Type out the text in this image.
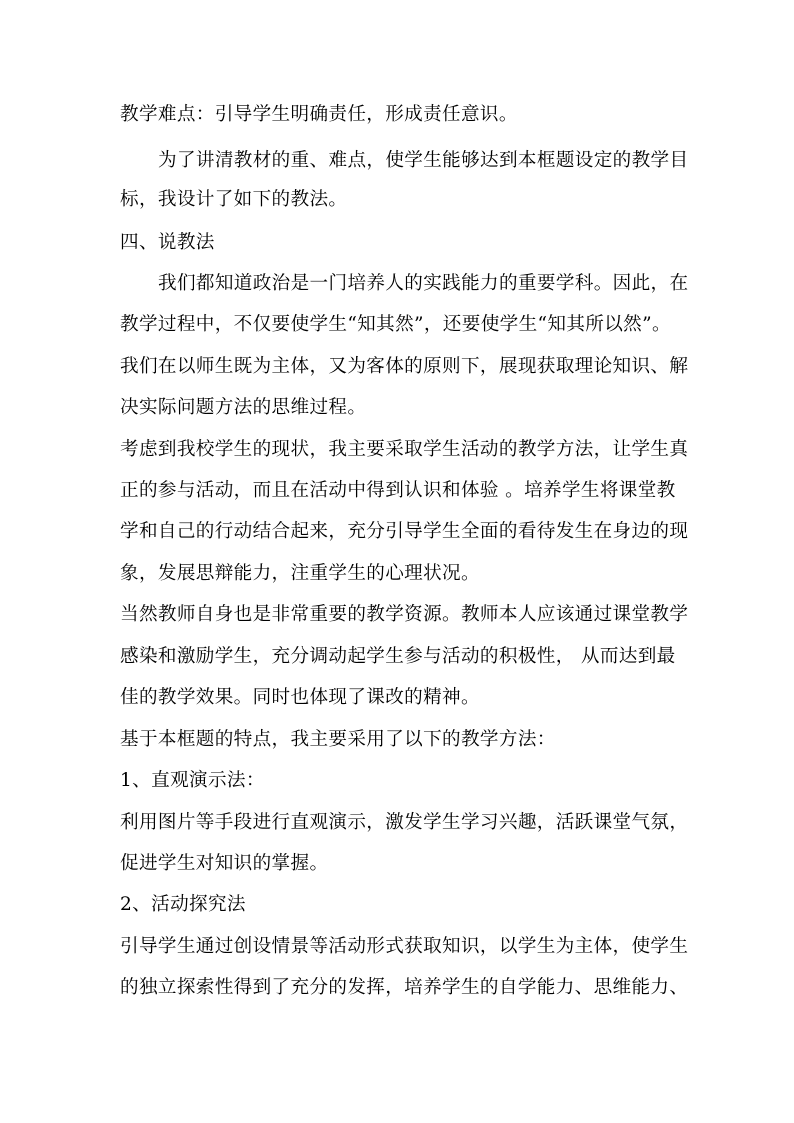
教学难点：引导学生明确责任，形成责任意识。
为了讲清教材的重、难点，使学生能够达到本框题设定的教学目
标，我设计了如下的教法。
四、说教法
我们都知道政治是一门培养人的实践能力的重要学科。因此，在
教学过程中，不仅要使学生“知其然”，还要使学生“知其所以然”。
我们在以师生既为主体，又为客体的原则下，展现获取理论知识、解
决实际问题方法的思维过程。
考虑到我校学生的现状，我主要采取学生活动的教学方法，让学生真
正的参与活动，而且在活动中得到认识和体验 。培养学生将课堂教
学和自己的行动结合起来，充分引导学生全面的看待发生在身边的现
象，发展思辩能力，注重学生的心理状况。
当然教师自身也是非常重要的教学资源。教师本人应该通过课堂教学
感染和激励学生，充分调动起学生参与活动的积极性， 从而达到最
佳的教学效果。同时也体现了课改的精神。
基于本框题的特点，我主要采用了以下的教学方法：
1、直观演示法：
利用图片等手段进行直观演示，激发学生学习兴趣，活跃课堂气氛，
促进学生对知识的掌握。
2、活动探究法
引导学生通过创设情景等活动形式获取知识，以学生为主体，使学生
的独立探索性得到了充分的发挥，培养学生的自学能力、思维能力、
